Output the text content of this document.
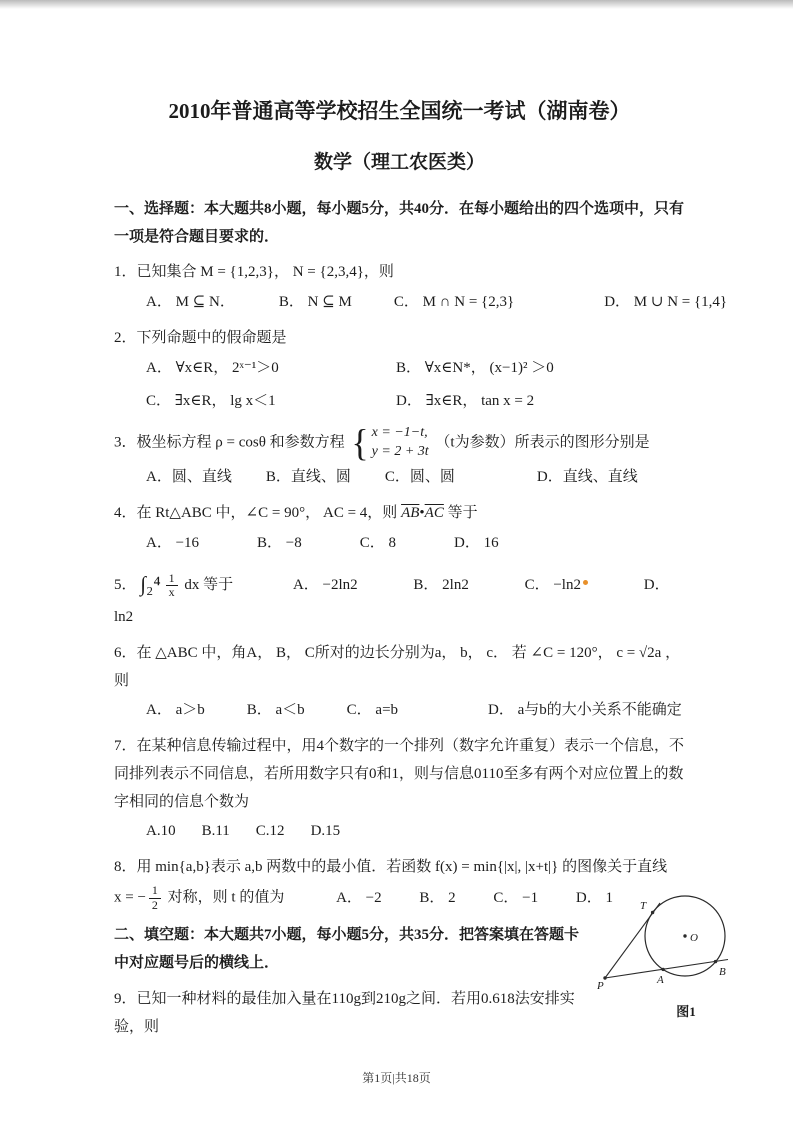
2010年普通高等学校招生全国统一考试（湖南卷）
数学（理工农医类）

一、选择题：本大题共8小题，每小题5分，共40分．在每小题给出的四个选项中，只有一项是符合题目要求的．

1．已知集合 M = {1,2,3}， N = {2,3,4}，则

A． M ⊆ N．	B． N ⊆ M	C． M ∩ N = {2,3}	D． M ∪ N = {1,4}

2．下列命题中的假命题是

A． ∀x∈R， 2ˣ⁻¹＞0	B． ∀x∈N*， (x−1)² ＞0
C． ∃x∈R， lg x＜1	D． ∃x∈R， tan x = 2

3．极坐标方程 ρ = cosθ 和参数方程 { x = −1−t,
y = 2 + 3t
（t为参数）所表示的图形分别是

A．圆、直线 B．直线、圆 C．圆、圆	D．直线、直线

4．在 Rt△ABC 中，∠C = 90°， AC = 4，则 $\overline{AB}•\overline{AC}$ 等于

A． −16	B． −8	C． 8	D． 16

5． $\int_2^4 \frac{1}{x}$ dx 等于	A． −2ln2	B． 2ln2	C． −ln2	D． ln2

6．在 △ABC 中，角A， B， C所对的边长分别为a， b， c． 若 ∠C = 120°， c = √2a ，则

A． a＞b	B． a＜b	C． a=b	D． a与b的大小关系不能确定

7．在某种信息传输过程中，用4个数字的一个排列（数字允许重复）表示一个信息，不同排列表示不同信息，若所用数字只有0和1，则与信息0110至多有两个对应位置上的数字相同的信息个数为

A.10 B.11 C.12 D.15

8．用 min{a,b}表示 a,b 两数中的最小值．若函数 f(x) = min{|x|, |x+t|} 的图像关于直线

x = − $\frac{1}{2}$ 对称，则 t 的值为	A． −2	B． 2	C． −1	D． 1

T
P	A
B
O
图1

二、填空题：本大题共7小题，每小题5分，共35分．把答案填在答题卡中对应题号后的横线上．

9．已知一种材料的最佳加入量在110g到210g之间．若用0.618法安排实验，则

第1页|共18页
